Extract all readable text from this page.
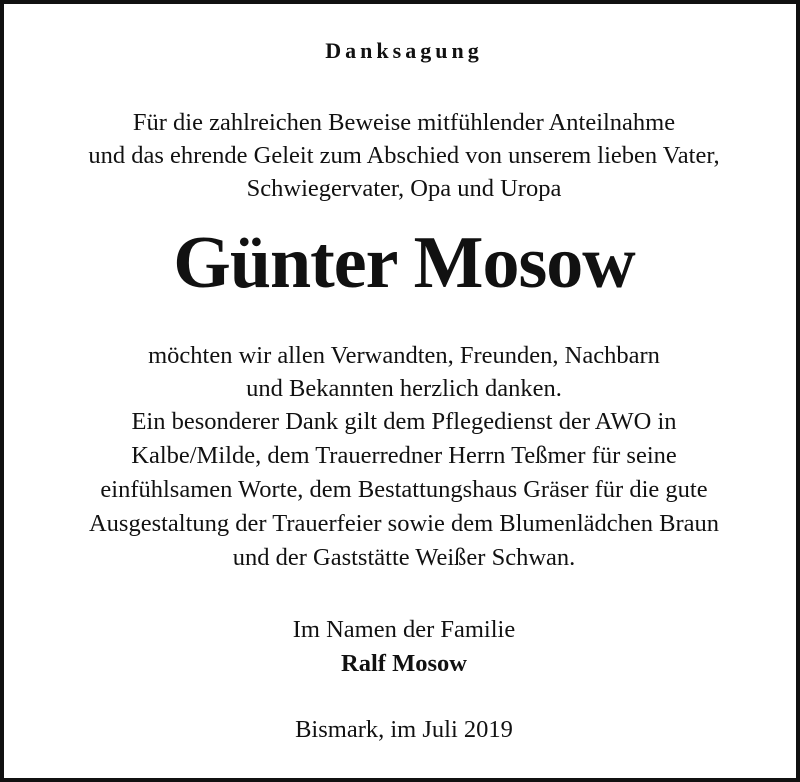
Danksagung
Für die zahlreichen Beweise mitfühlender Anteilnahme
und das ehrende Geleit zum Abschied von unserem lieben Vater,
Schwiegervater, Opa und Uropa
Günter Mosow
möchten wir allen Verwandten, Freunden, Nachbarn
und Bekannten herzlich danken.
Ein besonderer Dank gilt dem Pflegedienst der AWO in
Kalbe/Milde, dem Trauerredner Herrn Teßmer für seine
einfühlsamen Worte, dem Bestattungshaus Gräser für die gute
Ausgestaltung der Trauerfeier sowie dem Blumenlädchen Braun
und der Gaststätte Weißer Schwan.
Im Namen der Familie
Ralf Mosow
Bismark, im Juli 2019
